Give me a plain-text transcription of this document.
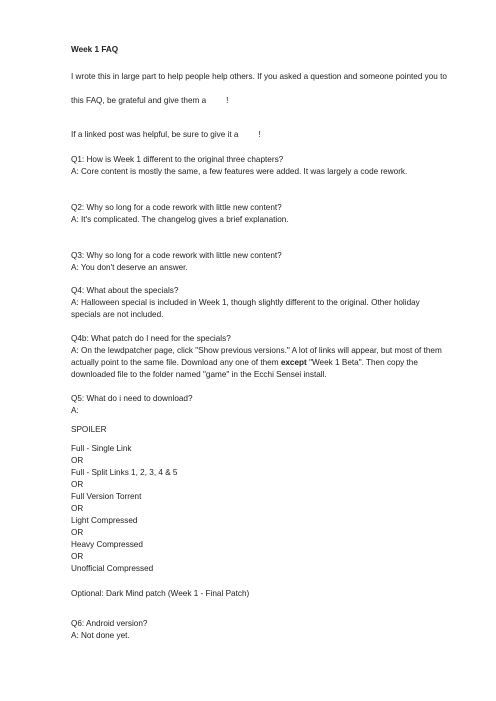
Week 1 FAQ
I wrote this in large part to help people help others. If you asked a question and someone pointed you to
this FAQ, be grateful and give them a !
If a linked post was helpful, be sure to give it a !
Q1: How is Week 1 different to the original three chapters?
A: Core content is mostly the same, a few features were added. It was largely a code rework.
Q2: Why so long for a code rework with little new content?
A: It's complicated. The changelog gives a brief explanation.
Q3: Why so long for a code rework with little new content?
A: You don't deserve an answer.
Q4: What about the specials?
A: Halloween special is included in Week 1, though slightly different to the original. Other holiday
specials are not included.
Q4b: What patch do I need for the specials?
A: On the lewdpatcher page, click "Show previous versions." A lot of links will appear, but most of them
actually point to the same file. Download any one of them except "Week 1 Beta". Then copy the
downloaded file to the folder named "game" in the Ecchi Sensei install.
Q5: What do i need to download?
A:
SPOILER
Full - Single Link
OR
Full - Split Links 1, 2, 3, 4 & 5
OR
Full Version Torrent
OR
Light Compressed
OR
Heavy Compressed
OR
Unofficial Compressed
Optional: Dark Mind patch (Week 1 - Final Patch)
Q6: Android version?
A: Not done yet.
